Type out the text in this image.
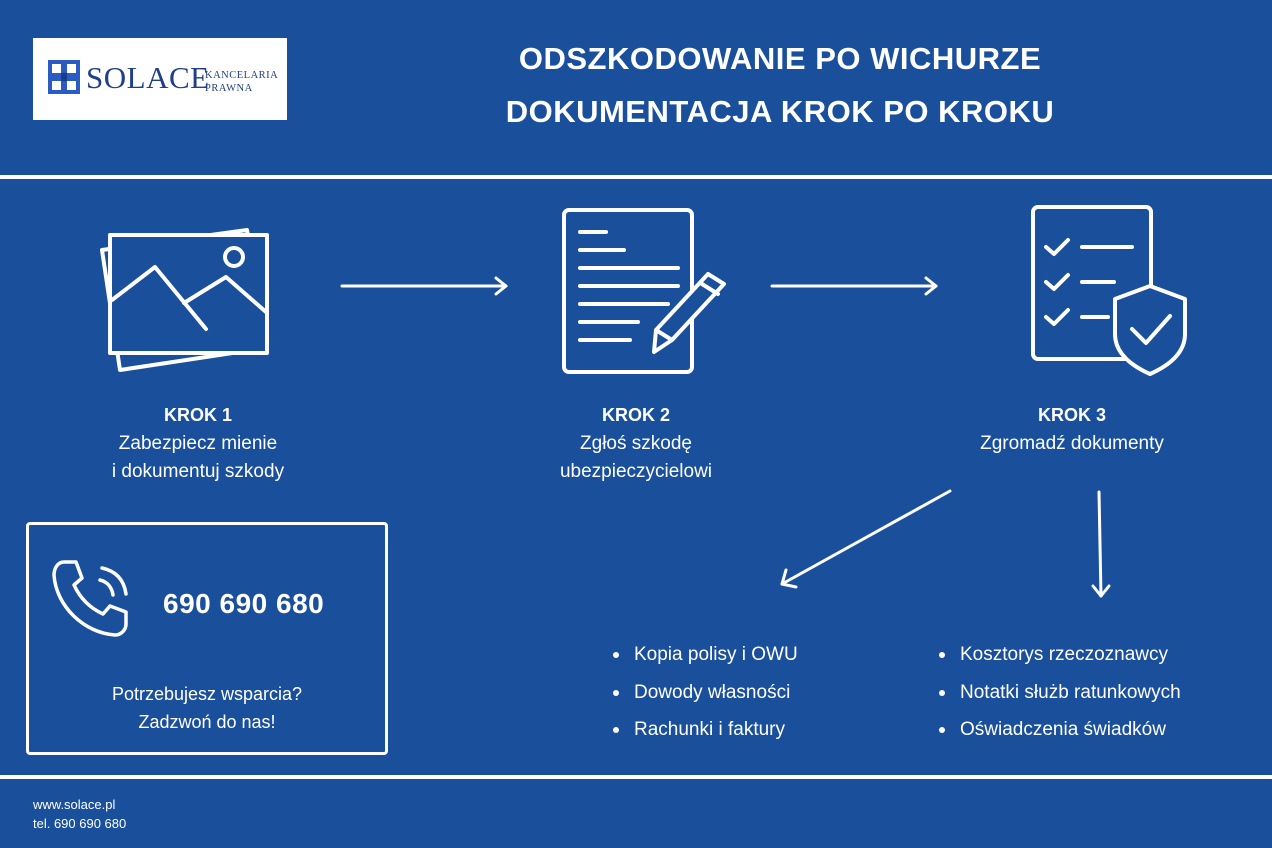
SOLACE
KANCELARIA
PRAWNA
ODSZKODOWANIE PO WICHURZE
DOKUMENTACJA KROK PO KROKU
KROK 1
Zabezpiecz mienie
i dokumentuj szkody
KROK 2
Zgłoś szkodę
ubezpieczycielowi
KROK 3
Zgromadź dokumenty
Kopia polisy i OWU
Dowody własności
Rachunki i faktury
Kosztorys rzeczoznawcy
Notatki służb ratunkowych
Oświadczenia świadków
690 690 680
Potrzebujesz wsparcia?
Zadzwoń do nas!
www.solace.pl
tel. 690 690 680
